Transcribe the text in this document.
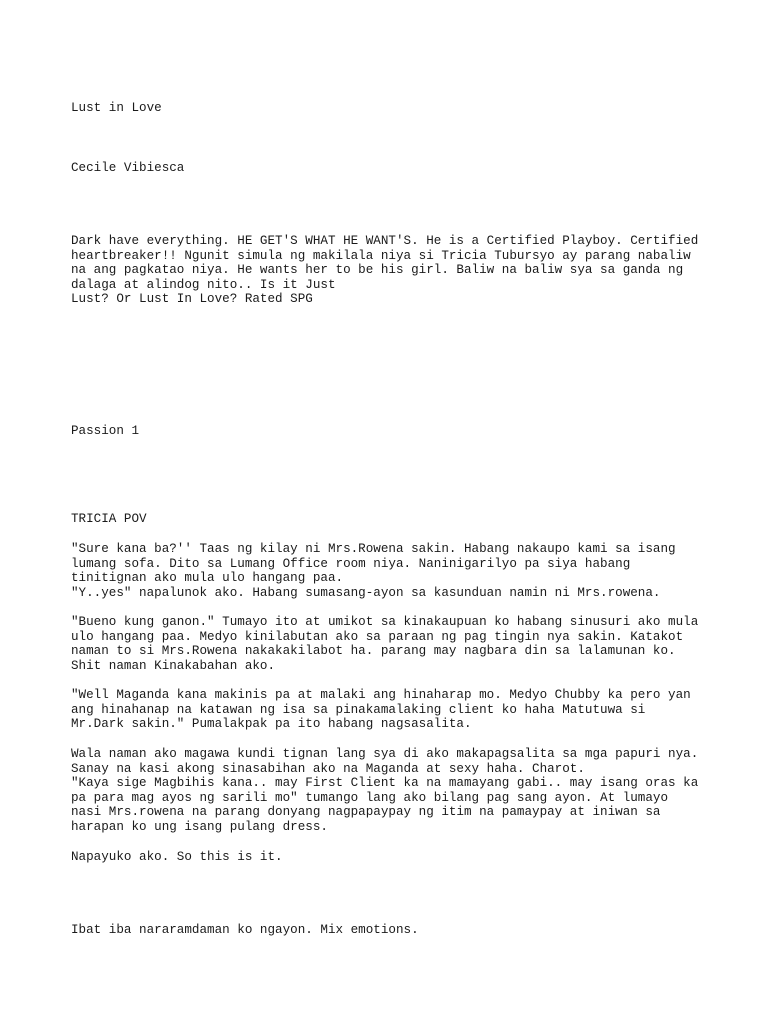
Lust in Love

Cecile Vibiesca

Dark have everything. HE GET'S WHAT HE WANT'S. He is a Certified Playboy. Certified

heartbreaker!! Ngunit simula ng makilala niya si Tricia Tubursyo ay parang nabaliw

na ang pagkatao niya. He wants her to be his girl. Baliw na baliw sya sa ganda ng

dalaga at alindog nito.. Is it Just

Lust? Or Lust In Love? Rated SPG

Passion 1

TRICIA POV

"Sure kana ba?'' Taas ng kilay ni Mrs.Rowena sakin. Habang nakaupo kami sa isang

lumang sofa. Dito sa Lumang Office room niya. Naninigarilyo pa siya habang

tinitignan ako mula ulo hangang paa.

"Y..yes" napalunok ako. Habang sumasang-ayon sa kasunduan namin ni Mrs.rowena.

"Bueno kung ganon." Tumayo ito at umikot sa kinakaupuan ko habang sinusuri ako mula

ulo hangang paa. Medyo kinilabutan ako sa paraan ng pag tingin nya sakin. Katakot

naman to si Mrs.Rowena nakakakilabot ha. parang may nagbara din sa lalamunan ko.

Shit naman Kinakabahan ako.

"Well Maganda kana makinis pa at malaki ang hinaharap mo. Medyo Chubby ka pero yan

ang hinahanap na katawan ng isa sa pinakamalaking client ko haha Matutuwa si

Mr.Dark sakin." Pumalakpak pa ito habang nagsasalita.

Wala naman ako magawa kundi tignan lang sya di ako makapagsalita sa mga papuri nya.

Sanay na kasi akong sinasabihan ako na Maganda at sexy haha. Charot.

"Kaya sige Magbihis kana.. may First Client ka na mamayang gabi.. may isang oras ka

pa para mag ayos ng sarili mo" tumango lang ako bilang pag sang ayon. At lumayo

nasi Mrs.rowena na parang donyang nagpapaypay ng itim na pamaypay at iniwan sa

harapan ko ung isang pulang dress.

Napayuko ako. So this is it.

Ibat iba nararamdaman ko ngayon. Mix emotions.
